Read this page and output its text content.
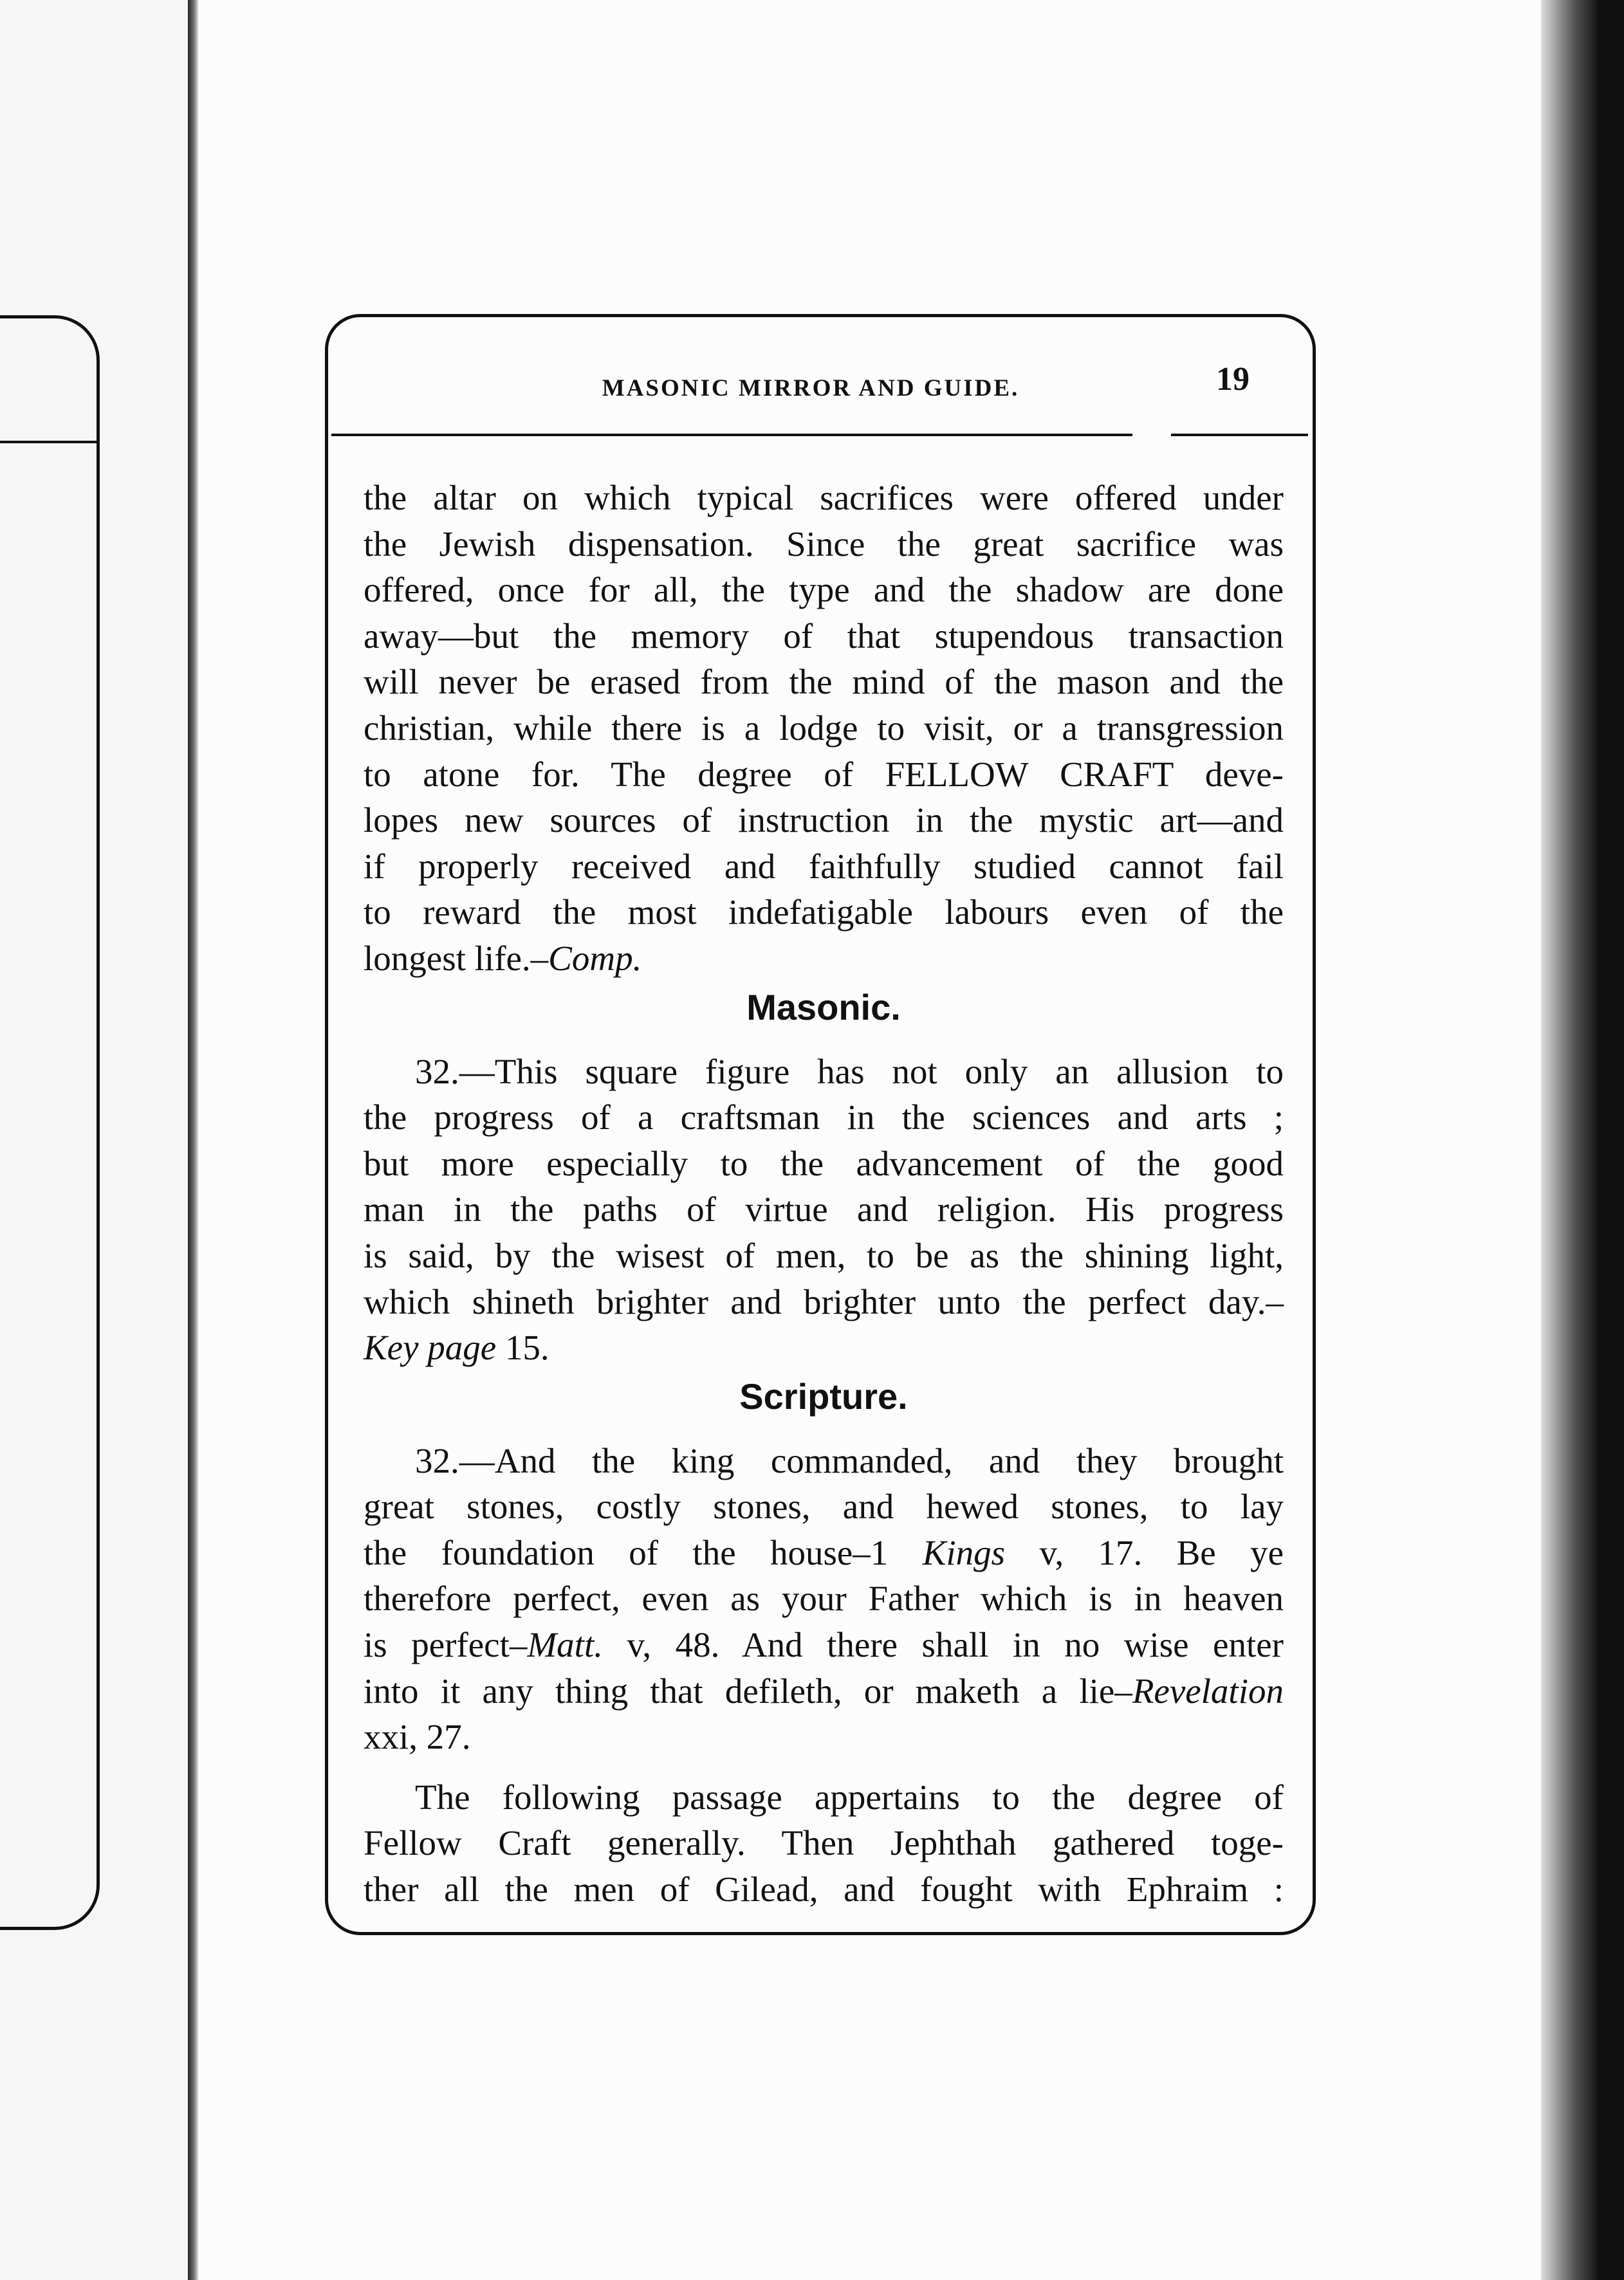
MASONIC MIRROR AND GUIDE.	19

the altar on which typical sacrifices were offered under

the Jewish dispensation. Since the great sacrifice was

offered, once for all, the type and the shadow are done

away—but the memory of that stupendous transaction

will never be erased from the mind of the mason and the

christian, while there is a lodge to visit, or a transgression

to atone for. The degree of FELLOW CRAFT deve-

lopes new sources of instruction in the mystic art—and

if properly received and faithfully studied cannot fail

to reward the most indefatigable labours even of the

longest life.–Comp.

Masonic.

32.—This square figure has not only an allusion to

the progress of a craftsman in the sciences and arts ;

but more especially to the advancement of the good

man in the paths of virtue and religion. His progress

is said, by the wisest of men, to be as the shining light,

which shineth brighter and brighter unto the perfect day.–

Key page 15.

Scripture.

32.—And the king commanded, and they brought

great stones, costly stones, and hewed stones, to lay

the foundation of the house–1 Kings v, 17. Be ye

therefore perfect, even as your Father which is in heaven

is perfect–Matt. v, 48. And there shall in no wise enter

into it any thing that defileth, or maketh a lie–Revelation

xxi, 27.

The following passage appertains to the degree of

Fellow Craft generally. Then Jephthah gathered toge-

ther all the men of Gilead, and fought with Ephraim :
